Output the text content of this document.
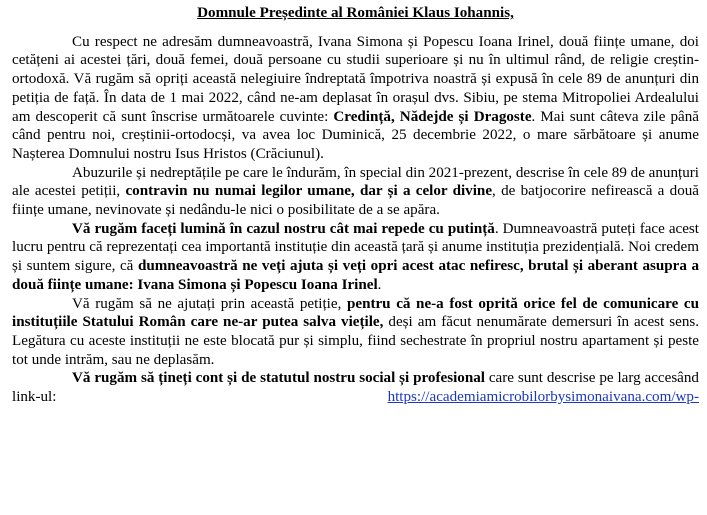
Domnule Președinte al României Klaus Iohannis,

Cu respect ne adresăm dumneavoastră, Ivana Simona și Popescu Ioana Irinel, două ființe umane, doi cetățeni ai acestei țări, două femei, două persoane cu studii superioare și nu în ultimul rând, de religie creștin-ortodoxă. Vă rugăm să opriți această nelegiuire îndreptată împotriva noastră și expusă în cele 89 de anunțuri din petiția de față. În data de 1 mai 2022, când ne-am deplasat în orașul dvs. Sibiu, pe stema Mitropoliei Ardealului am descoperit că sunt înscrise următoarele cuvinte: Credință, Nădejde și Dragoste. Mai sunt câteva zile până când pentru noi, creștinii-ortodocși, va avea loc Duminică, 25 decembrie 2022, o mare sărbătoare și anume Nașterea Domnului nostru Isus Hristos (Crăciunul).

Abuzurile și nedreptățile pe care le îndurăm, în special din 2021-prezent, descrise în cele 89 de anunțuri ale acestei petiții, contravin nu numai legilor umane, dar și a celor divine, de batjocorire nefirească a două ființe umane, nevinovate și nedându-le nici o posibilitate de a se apăra.

Vă rugăm faceți lumină în cazul nostru cât mai repede cu putință. Dumneavoastră puteți face acest lucru pentru că reprezentați cea importantă instituție din această țară și anume instituția prezidențială. Noi credem și suntem sigure, că dumneavoastră ne veți ajuta și veți opri acest atac nefiresc, brutal și aberant asupra a două ființe umane: Ivana Simona și Popescu Ioana Irinel.

Vă rugăm să ne ajutați prin această petiție, pentru că ne-a fost oprită orice fel de comunicare cu instituțiile Statului Român care ne-ar putea salva viețile, deși am făcut nenumărate demersuri în acest sens. Legătura cu aceste instituții ne este blocată pur și simplu, fiind sechestrate în propriul nostru apartament și peste tot unde intrăm, sau ne deplasăm.

Vă rugăm să țineți cont și de statutul nostru social și profesional care sunt descrise pe larg accesând link-ul: https://academiamicrobilorbysimonaivana.com/wp-
